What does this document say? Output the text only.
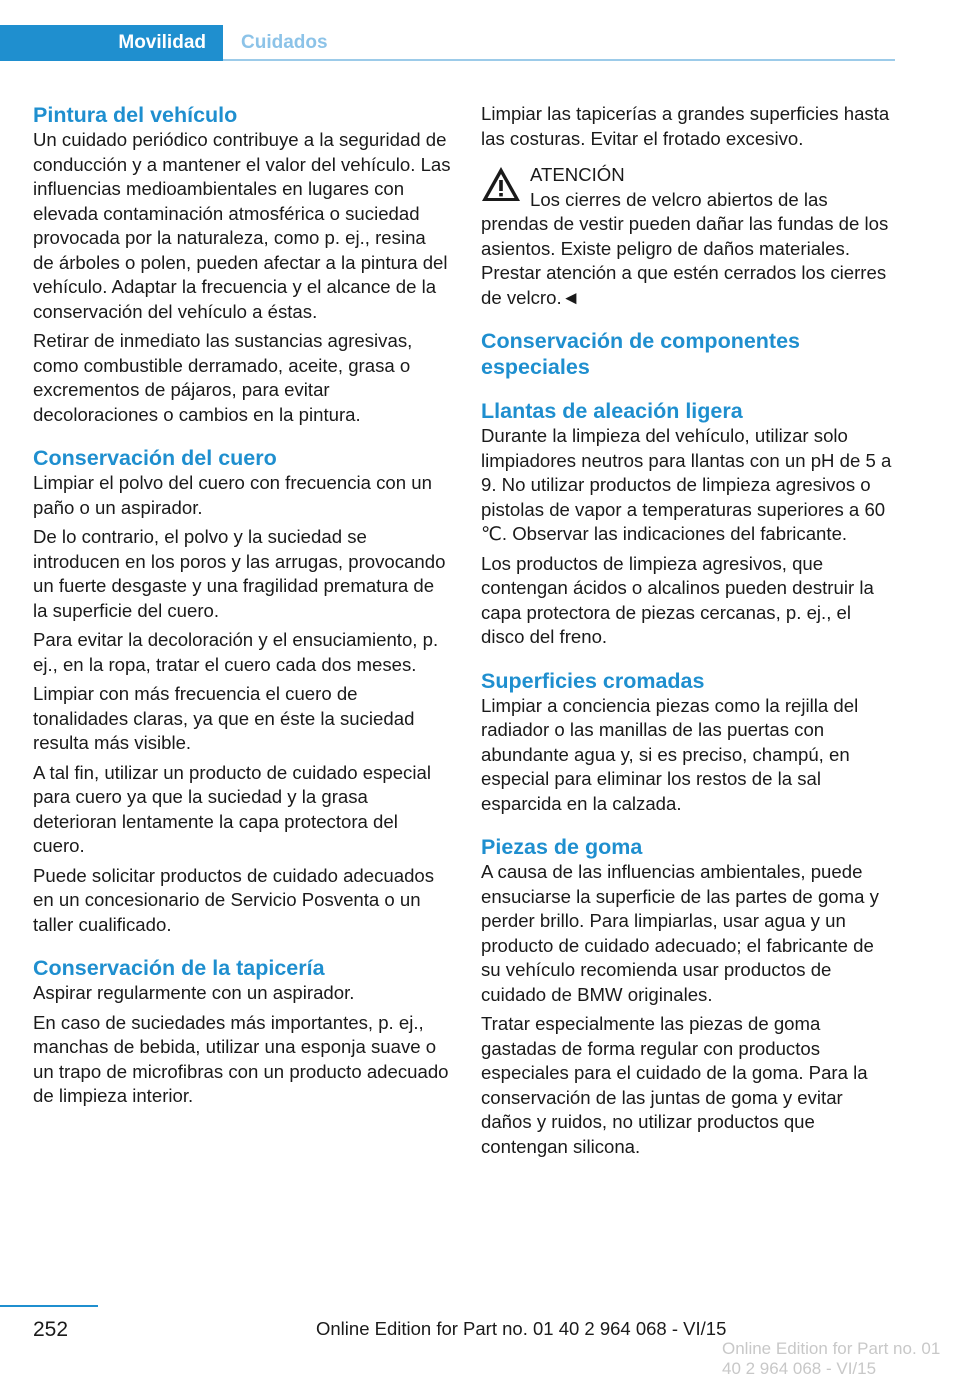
Movilidad	Cuidados
Pintura del vehículo

Un cuidado periódico contribuye a la seguridad de conducción y a mantener el valor del vehículo. Las influencias medioambientales en lugares con elevada contaminación atmosférica o suciedad provocada por la naturaleza, como p. ej., resina de árboles o polen, pueden afectar a la pintura del vehículo. Adaptar la frecuencia y el alcance de la conservación del vehículo a éstas.

Retirar de inmediato las sustancias agresivas, como combustible derramado, aceite, grasa o excrementos de pájaros, para evitar decoloraciones o cambios en la pintura.

Conservación del cuero

Limpiar el polvo del cuero con frecuencia con un paño o un aspirador.

De lo contrario, el polvo y la suciedad se introducen en los poros y las arrugas, provocando un fuerte desgaste y una fragilidad prematura de la superficie del cuero.

Para evitar la decoloración y el ensuciamiento, p. ej., en la ropa, tratar el cuero cada dos meses.

Limpiar con más frecuencia el cuero de tonalidades claras, ya que en éste la suciedad resulta más visible.

A tal fin, utilizar un producto de cuidado especial para cuero ya que la suciedad y la grasa deterioran lentamente la capa protectora del cuero.

Puede solicitar productos de cuidado adecuados en un concesionario de Servicio Posventa o un taller cualificado.

Conservación de la tapicería

Aspirar regularmente con un aspirador.

En caso de suciedades más importantes, p. ej., manchas de bebida, utilizar una esponja suave o un trapo de microfibras con un producto adecuado de limpieza interior.

Limpiar las tapicerías a grandes superficies hasta las costuras. Evitar el frotado excesivo.

ATENCIÓN
Los cierres de velcro abiertos de las
prendas de vestir pueden dañar las fundas de los asientos. Existe peligro de daños materiales. Prestar atención a que estén cerrados los cierres de velcro.◄
Conservación de componentes especiales
Llantas de aleación ligera

Durante la limpieza del vehículo, utilizar solo limpiadores neutros para llantas con un pH de 5 a 9. No utilizar productos de limpieza agresivos o pistolas de vapor a temperaturas superiores a 60 ℃. Observar las indicaciones del fabricante.

Los productos de limpieza agresivos, que contengan ácidos o alcalinos pueden destruir la capa protectora de piezas cercanas, p. ej., el disco del freno.

Superficies cromadas

Limpiar a conciencia piezas como la rejilla del radiador o las manillas de las puertas con abundante agua y, si es preciso, champú, en especial para eliminar los restos de la sal esparcida en la calzada.

Piezas de goma

A causa de las influencias ambientales, puede ensuciarse la superficie de las partes de goma y perder brillo. Para limpiarlas, usar agua y un producto de cuidado adecuado; el fabricante de su vehículo recomienda usar productos de cuidado de BMW originales.

Tratar especialmente las piezas de goma gastadas de forma regular con productos especiales para el cuidado de la goma. Para la conservación de las juntas de goma y evitar daños y ruidos, no utilizar productos que contengan silicona.

252	Online Edition for Part no. 01 40 2 964 068 - VI/15
Online Edition for Part no. 01 40 2 964 068 - VI/15
